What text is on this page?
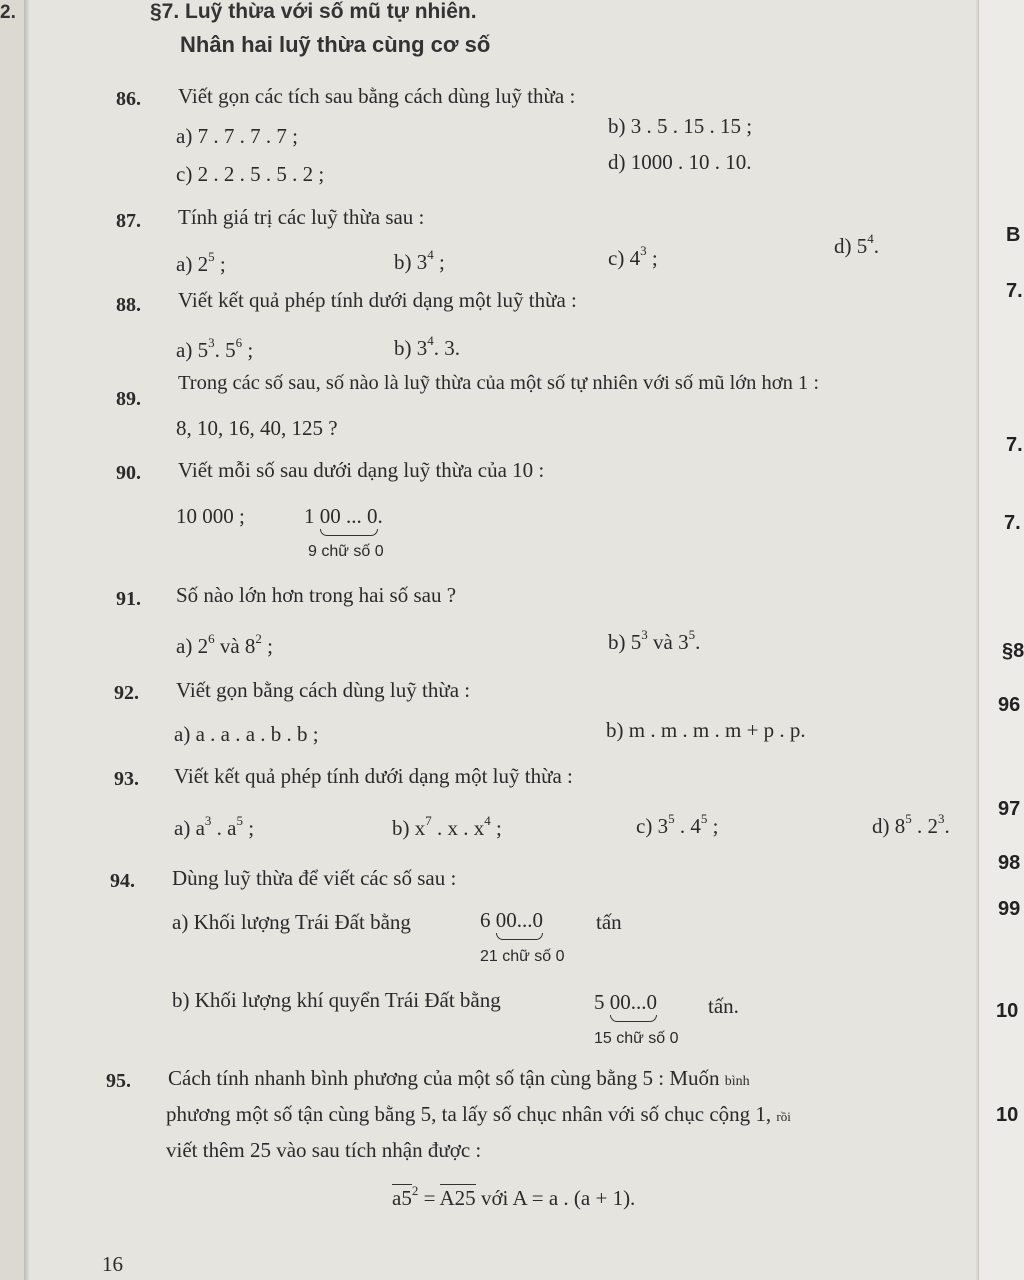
2.	§7. Luỹ thừa với số mũ tự nhiên.
Nhân hai luỹ thừa cùng cơ số
86. Viết gọn các tích sau bằng cách dùng luỹ thừa :
a) 7 . 7 . 7 . 7 ;	b) 3 . 5 . 15 . 15 ;
c) 2 . 2 . 5 . 5 . 2 ;	d) 1000 . 10 . 10.
87. Tính giá trị các luỹ thừa sau :
a) $2^5$ ;	b) $3^4$ ;	c) $4^3$ ;	d) $5^4$.
88. Viết kết quả phép tính dưới dạng một luỹ thừa :
a) $5^3$. $5^6$ ;	b) $3^4$. 3.
89.
Trong các số sau, số nào là luỹ thừa của một số tự nhiên với số mũ lớn hơn 1 :
8, 10, 16, 40, 125 ?
90. Viết mỗi số sau dưới dạng luỹ thừa của 10 :
10 000 ;	1 00 ... 0.
9 chữ số 0
91. Số nào lớn hơn trong hai số sau ?
a) $2^6$ và $8^2$ ;	b) $5^3$ và $3^5$.
92. Viết gọn bằng cách dùng luỹ thừa :
a) a . a . a . b . b ;	b) m . m . m . m + p . p.
93. Viết kết quả phép tính dưới dạng một luỹ thừa :
a) $a^3$ . $a^5$ ;	b) $x^7$ . x . $x^4$ ;	c) $3^5$ . $4^5$ ;	d) $8^5$ . $2^3$.
94. Dùng luỹ thừa để viết các số sau :
a) Khối lượng Trái Đất bằng	6 00...0	tấn
21 chữ số 0
b) Khối lượng khí quyển Trái Đất bằng	5 00...0 tấn.
15 chữ số 0
95. Cách tính nhanh bình phương của một số tận cùng bằng 5 : Muốn bình
phương một số tận cùng bằng 5, ta lấy số chục nhân với số chục cộng 1, rồi
viết thêm 25 vào sau tích nhận được :
$a5^2 = A25$ với A = a . (a + 1).
16
B
7.
7.
7.
§8
96
97
98
99
10
10
